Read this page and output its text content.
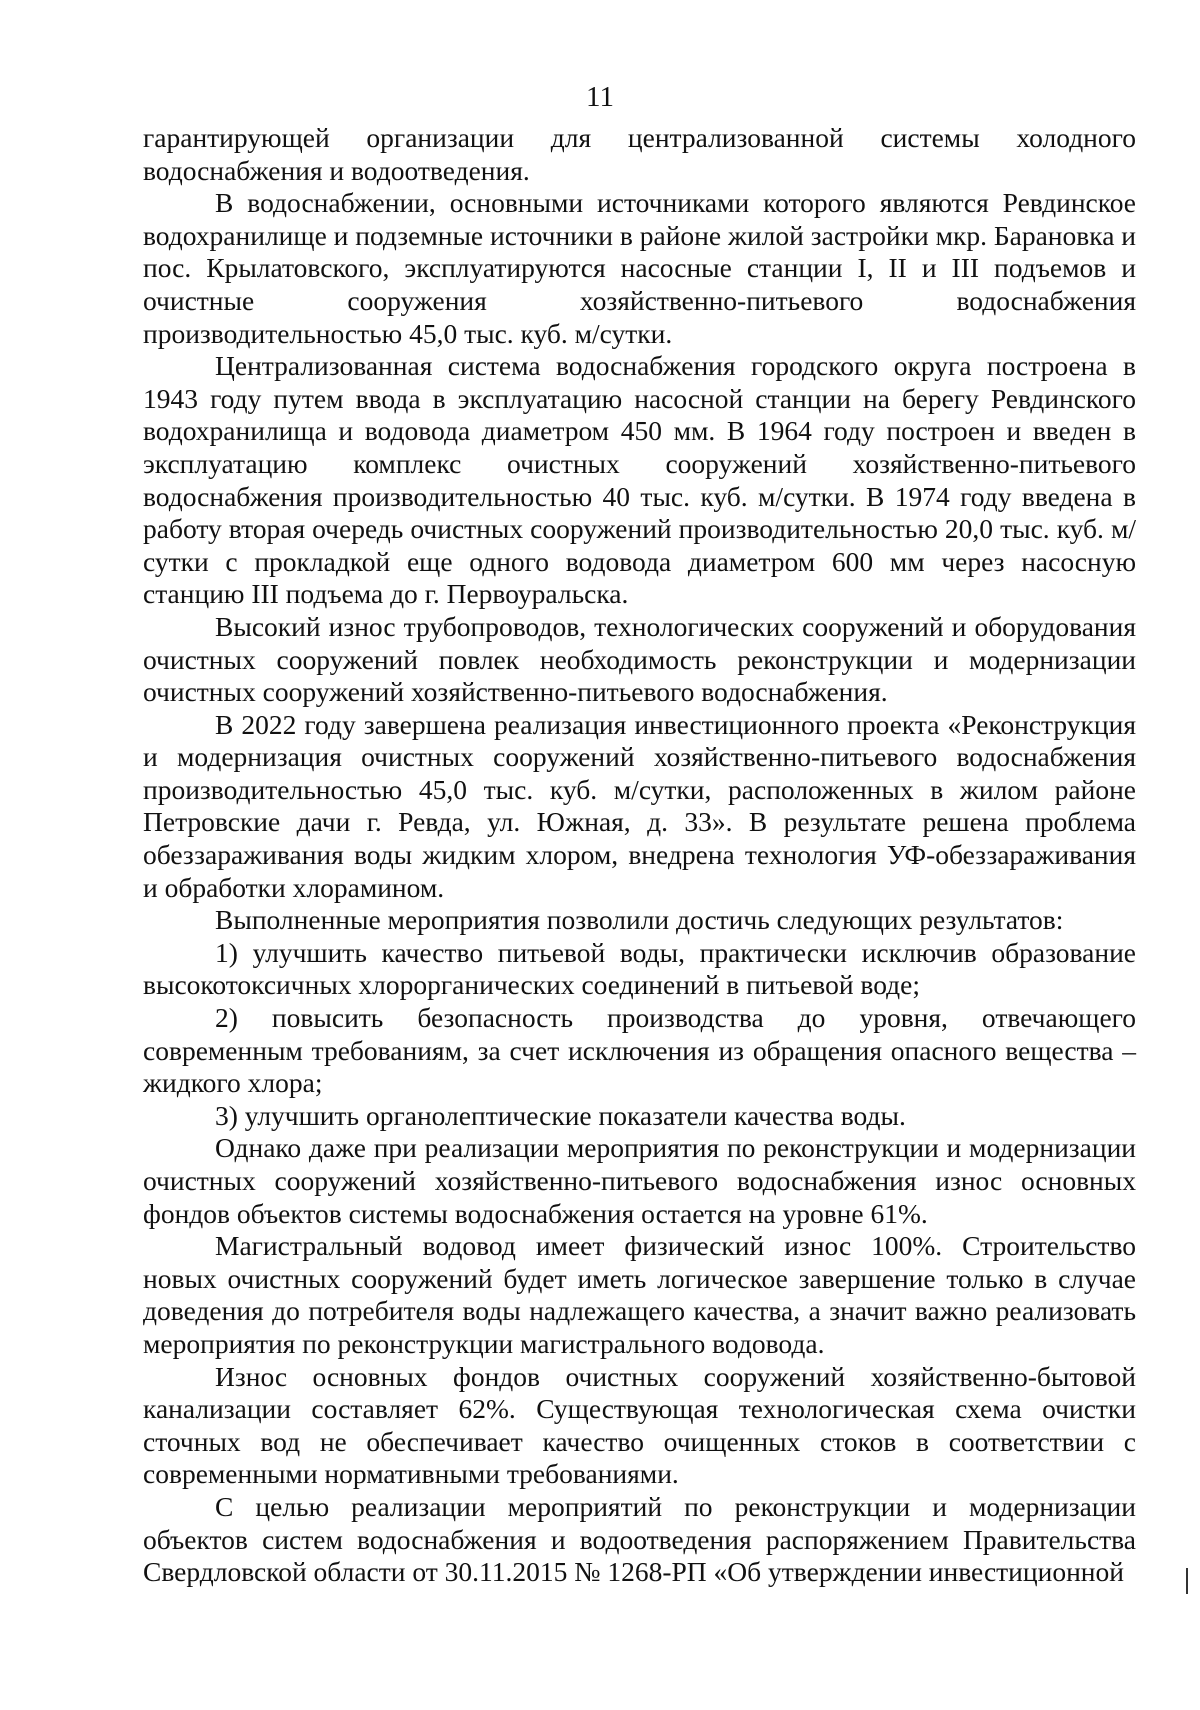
11

гарантирующей организации для централизованной системы холодного водоснабжения и водоотведения.

В водоснабжении, основными источниками которого являются Ревдинское водохранилище и подземные источники в районе жилой застройки мкр. Барановка и пос. Крылатовского, эксплуатируются насосные станции I, II и III подъемов и очистные сооружения хозяйственно-питьевого водоснабжения производительностью 45,0 тыс. куб. м/сутки.

Централизованная система водоснабжения городского округа построена в 1943 году путем ввода в эксплуатацию насосной станции на берегу Ревдинского водохранилища и водовода диаметром 450 мм. В 1964 году построен и введен в эксплуатацию комплекс очистных сооружений хозяйственно-питьевого водоснабжения производительностью 40 тыс. куб. м/сутки. В 1974 году введена в работу вторая очередь очистных сооружений производительностью 20,0 тыс. куб. м/сутки с прокладкой еще одного водовода диаметром 600 мм через насосную станцию III подъема до г. Первоуральска.

Высокий износ трубопроводов, технологических сооружений и оборудования очистных сооружений повлек необходимость реконструкции и модернизации очистных сооружений хозяйственно-питьевого водоснабжения.

В 2022 году завершена реализация инвестиционного проекта «Реконструкция и модернизация очистных сооружений хозяйственно-питьевого водоснабжения производительностью 45,0 тыс. куб. м/сутки, расположенных в жилом районе Петровские дачи г. Ревда, ул. Южная, д. 33». В результате решена проблема обеззараживания воды жидким хлором, внедрена технология УФ-обеззараживания и обработки хлорамином.

Выполненные мероприятия позволили достичь следующих результатов:

1) улучшить качество питьевой воды, практически исключив образование высокотоксичных хлорорганических соединений в питьевой воде;

2) повысить безопасность производства до уровня, отвечающего современным требованиям, за счет исключения из обращения опасного вещества – жидкого хлора;

3) улучшить органолептические показатели качества воды.

Однако даже при реализации мероприятия по реконструкции и модернизации очистных сооружений хозяйственно-питьевого водоснабжения износ основных фондов объектов системы водоснабжения остается на уровне 61%.

Магистральный водовод имеет физический износ 100%. Строительство новых очистных сооружений будет иметь логическое завершение только в случае доведения до потребителя воды надлежащего качества, а значит важно реализовать мероприятия по реконструкции магистрального водовода.

Износ основных фондов очистных сооружений хозяйственно-бытовой канализации составляет 62%. Существующая технологическая схема очистки сточных вод не обеспечивает качество очищенных стоков в соответствии с современными нормативными требованиями.

С целью реализации мероприятий по реконструкции и модернизации объектов систем водоснабжения и водоотведения распоряжением Правительства Свердловской области от 30.11.2015 № 1268-РП «Об утверждении инвестиционной
